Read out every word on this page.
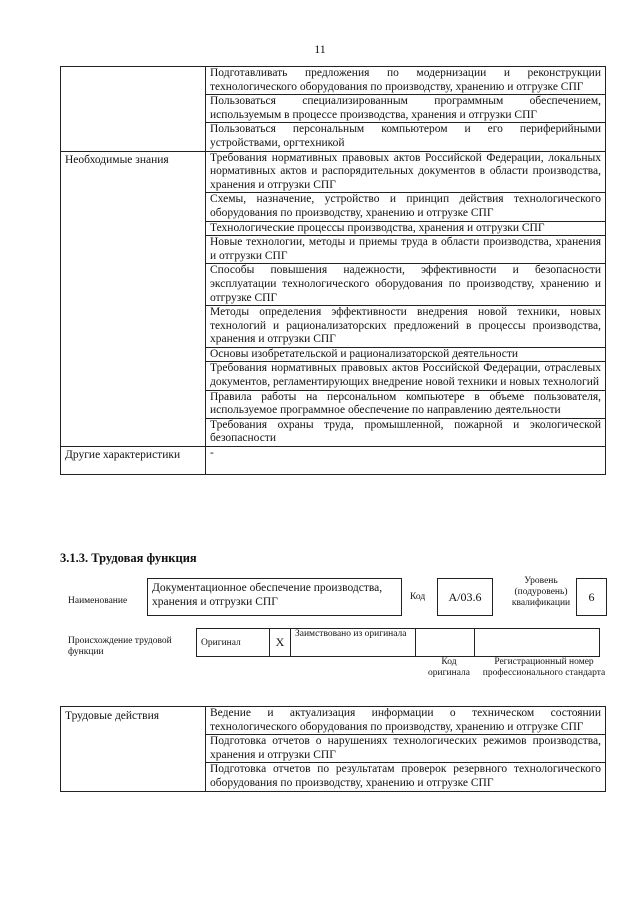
11
	Подготавливать предложения по модернизации и реконструкции технологического оборудования по производству, хранению и отгрузке СПГ
	Пользоваться специализированным программным обеспечением, используемым в процессе производства, хранения и отгрузки СПГ
	Пользоваться персональным компьютером и его периферийными устройствами, оргтехникой
Необходимые знания	Требования нормативных правовых актов Российской Федерации, локальных нормативных актов и распорядительных документов в области производства, хранения и отгрузки СПГ
	Схемы, назначение, устройство и принцип действия технологического оборудования по производству, хранению и отгрузке СПГ
	Технологические процессы производства, хранения и отгрузки СПГ
	Новые технологии, методы и приемы труда в области производства, хранения и отгрузки СПГ
	Способы повышения надежности, эффективности и безопасности эксплуатации технологического оборудования по производству, хранению и отгрузке СПГ
	Методы определения эффективности внедрения новой техники, новых технологий и рационализаторских предложений в процессы производства, хранения и отгрузки СПГ
	Основы изобретательской и рационализаторской деятельности
	Требования нормативных правовых актов Российской Федерации, отраслевых документов, регламентирующих внедрение новой техники и новых технологий
	Правила работы на персональном компьютере в объеме пользователя, используемое программное обеспечение по направлению деятельности
	Требования охраны труда, промышленной, пожарной и экологической безопасности
Другие характеристики	-
3.1.3. Трудовая функция
Наименование
Документационное обеспечение производства, хранения и отгрузки СПГ	Код	A/03.6
Уровень (подуровень) квалификации	6
Происхождение трудовой функции
Оригинал	X	Заимствовано из оригинала		
Код оригинала
Регистрационный номер профессионального стандарта
Трудовые действия	Ведение и актуализация информации о техническом состоянии технологического оборудования по производству, хранению и отгрузке СПГ
Подготовка отчетов о нарушениях технологических режимов производства, хранения и отгрузки СПГ
Подготовка отчетов по результатам проверок резервного технологического оборудования по производству, хранению и отгрузке СПГ
